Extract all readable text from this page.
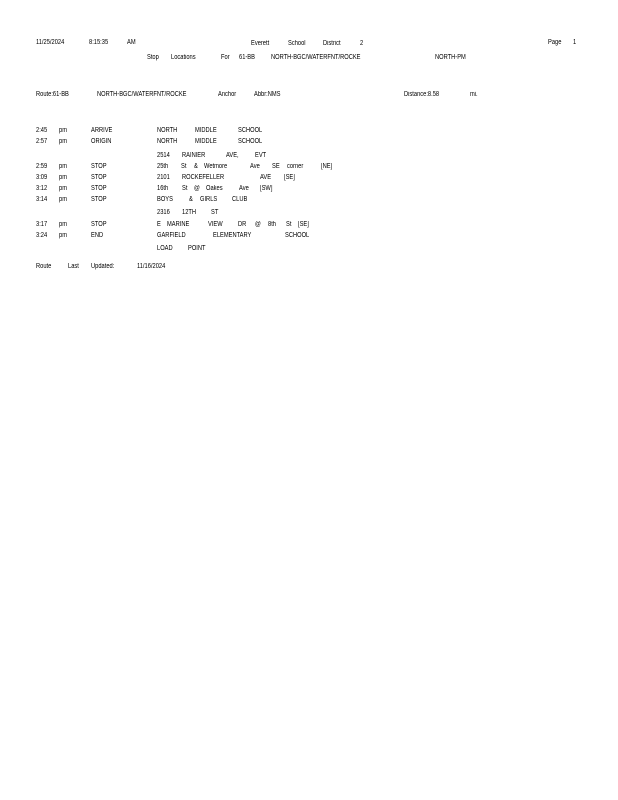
11/25/2024	8:15:35	AM	Everett	School District	2	Page 1
Stop Locations	For 61-BB NORTH-BGC/WATERFNT/ROCKE	NORTH-PM
Route:61-BB	NORTH-BGC/WATERFNT/ROCKE	Anchor	Abbr:NMS	Distance:8.58	mi.
2:45 pm	ARRIVE	NORTH	MIDDLE	SCHOOL
2:57 pm	ORIGIN	NORTH	MIDDLE	SCHOOL
2514 RAINIER	AVE, EVT
2:59 pm	STOP	25th St & Wetmore	Ave SE corner	[NE]
3:09 pm	STOP	2101 ROCKEFELLER	AVE [SE]
3:12 pm	STOP	16th St @ Oakes Ave [SW]
3:14 pm	STOP	BOYS & GIRLS CLUB
2316 12TH ST
3:17 pm	STOP	E MARINE	VIEW DR @ 8th St [SE]
3:24 pm	END	GARFIELD	ELEMENTARY	SCHOOL
LOAD POINT
Route Last Updated:	11/16/2024
